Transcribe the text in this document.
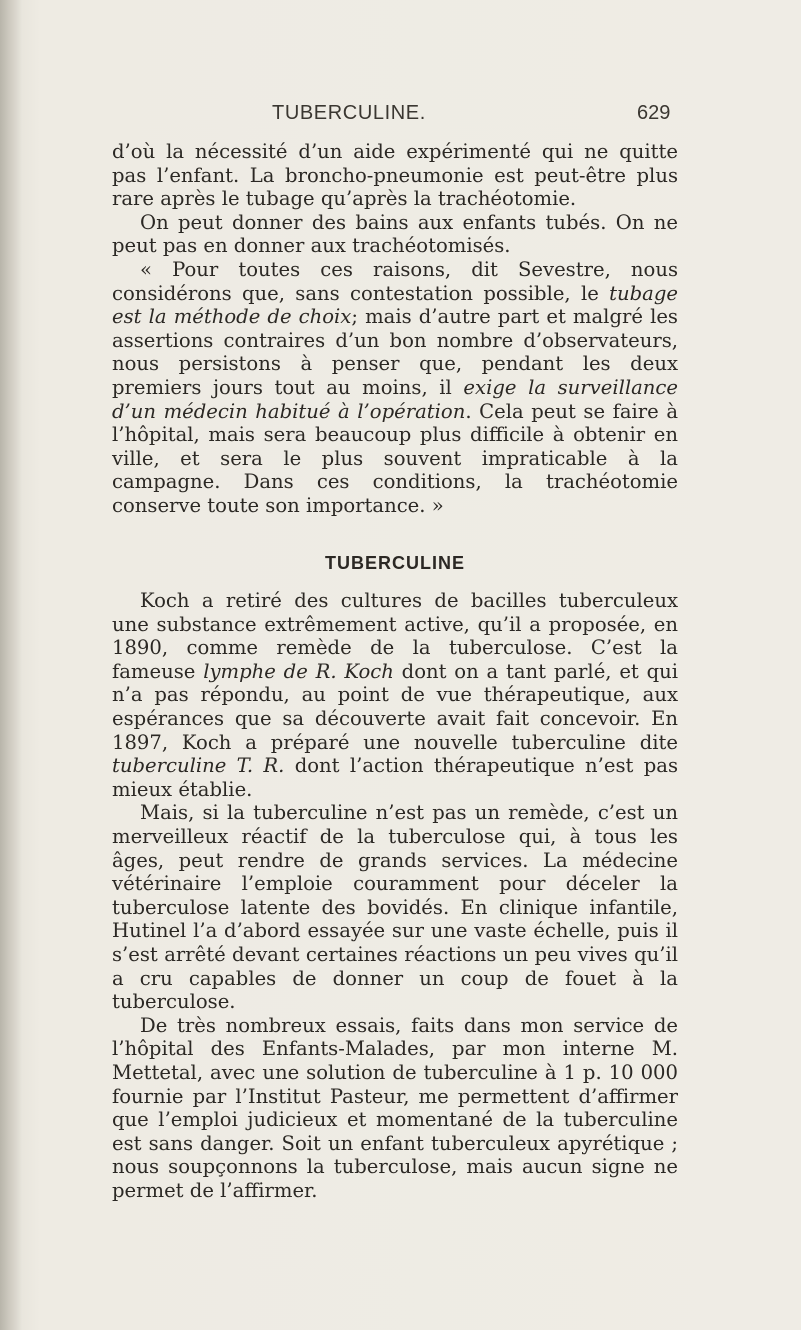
TUBERCULINE.	629

d’où la nécessité d’un aide expérimenté qui ne quitte pas l’enfant. La broncho-pneumonie est peut-être plus rare après le tubage qu’après la trachéotomie.

On peut donner des bains aux enfants tubés. On ne peut pas en donner aux trachéotomisés.

« Pour toutes ces raisons, dit Sevestre, nous considérons que, sans contestation possible, le tubage est la méthode de choix; mais d’autre part et malgré les assertions contraires d’un bon nombre d’observateurs, nous persistons à penser que, pendant les deux premiers jours tout au moins, il exige la surveillance d’un médecin habitué à l’opération. Cela peut se faire à l’hôpital, mais sera beaucoup plus difficile à obtenir en ville, et sera le plus souvent impraticable à la campagne. Dans ces conditions, la trachéotomie conserve toute son importance. »

TUBERCULINE

Koch a retiré des cultures de bacilles tuberculeux une substance extrêmement active, qu’il a proposée, en 1890, comme remède de la tuberculose. C’est la fameuse lymphe de R. Koch dont on a tant parlé, et qui n’a pas répondu, au point de vue thérapeutique, aux espérances que sa découverte avait fait concevoir. En 1897, Koch a préparé une nouvelle tuberculine dite tuberculine T. R. dont l’action thérapeutique n’est pas mieux établie.

Mais, si la tuberculine n’est pas un remède, c’est un merveilleux réactif de la tuberculose qui, à tous les âges, peut rendre de grands services. La médecine vétérinaire l’emploie couramment pour déceler la tuberculose latente des bovidés. En clinique infantile, Hutinel l’a d’abord essayée sur une vaste échelle, puis il s’est arrêté devant certaines réactions un peu vives qu’il a cru capables de donner un coup de fouet à la tuberculose.

De très nombreux essais, faits dans mon service de l’hôpital des Enfants-Malades, par mon interne M. Mettetal, avec une solution de tuberculine à 1 p. 10 000 fournie par l’Institut Pasteur, me permettent d’affirmer que l’emploi judicieux et momentané de la tuberculine est sans danger. Soit un enfant tuberculeux apyrétique ; nous soupçonnons la tuberculose, mais aucun signe ne permet de l’affirmer.
